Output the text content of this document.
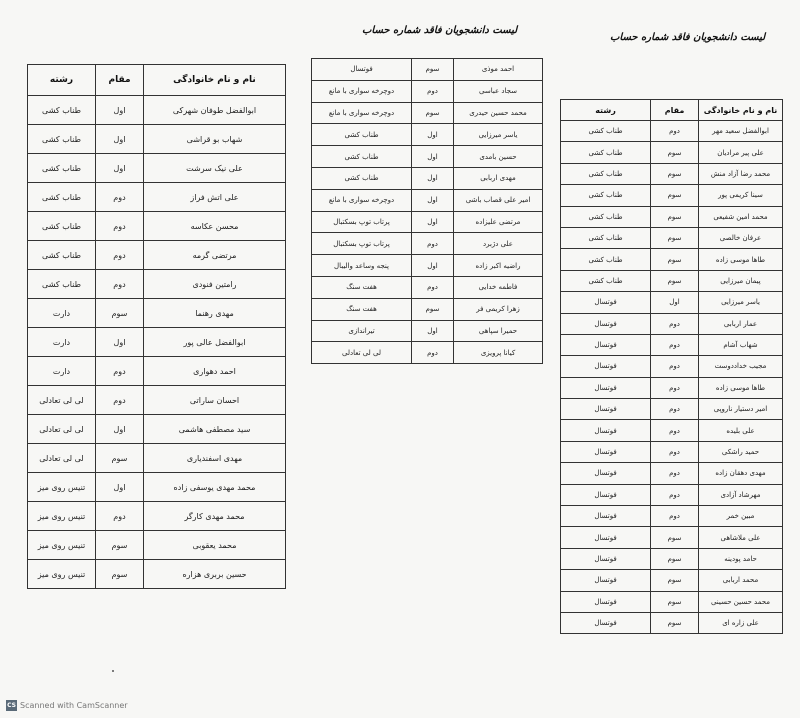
لیست دانشجویان فاقد شماره حساب
لیست دانشجویان فاقد شماره حساب
نام و نام خانوادگی	مقام	رشته
ابوالفضل طوفان شهرکی	اول	طناب کشی
شهاب بو قراشی	اول	طناب کشی
علی نیک سرشت	اول	طناب کشی
علی اتش فراز	دوم	طناب کشی
محسن عکاسه	دوم	طناب کشی
مرتضی گرمه	دوم	طناب کشی
رامتین فنودی	دوم	طناب کشی
مهدی رهنما	سوم	دارت
ابوالفضل عالی پور	اول	دارت
احمد دهواری	دوم	دارت
احسان ساراتی	دوم	لی لی تعادلی
سید مصطفی هاشمی	اول	لی لی تعادلی
مهدی اسفندیاری	سوم	لی لی تعادلی
محمد مهدی یوسفی زاده	اول	تنیس روی میز
محمد مهدی کارگر	دوم	تنیس روی میز
محمد یعقوبی	سوم	تنیس روی میز
حسین بربری هزاره	سوم	تنیس روی میز
احمد موذی	سوم	فوتسال
سجاد عباسی	دوم	دوچرخه سواری با مانع
محمد حسین حیدری	سوم	دوچرخه سواری با مانع
یاسر میرزایی	اول	طناب کشی
حسین بامدی	اول	طناب کشی
مهدی اربابی	اول	طناب کشی
امیر علی قصاب باشی	اول	دوچرخه سواری با مانع
مرتضی علیزاده	اول	پرتاب توپ بسکتبال
علی دژبرد	دوم	پرتاب توپ بسکتبال
راضیه اکبر زاده	اول	پنجه وساعد والیبال
فاطمه خدایی	دوم	هفت سنگ
زهرا کریمی فر	سوم	هفت سنگ
حمیرا سپاهی	اول	تیراندازی
کیانا پرویزی	دوم	لی لی تعادلی
نام و نام خانوادگی	مقام	رشته
ابوالفضل سعید مهر	دوم	طناب کشی
علی پیر مرادیان	سوم	طناب کشی
محمد رضا آزاد منش	سوم	طناب کشی
سینا کریمی پور	سوم	طناب کشی
محمد امین شفیعی	سوم	طناب کشی
عرفان خالصی	سوم	طناب کشی
طاها موسی زاده	سوم	طناب کشی
پیمان میرزایی	سوم	طناب کشی
یاسر میرزایی	اول	فوتسال
عمار اربابی	دوم	فوتسال
شهاب آشام	دوم	فوتسال
مجیب خداددوست	دوم	فوتسال
طاها موسی زاده	دوم	فوتسال
امیر دستیار ناروپی	دوم	فوتسال
علی بلیده	دوم	فوتسال
حمید راشکی	دوم	فوتسال
مهدی دهقان زاده	دوم	فوتسال
مهرشاد آزادی	دوم	فوتسال
مبین خمر	دوم	فوتسال
علی ملاشاهی	سوم	فوتسال
حامد پودینه	سوم	فوتسال
محمد اربابی	سوم	فوتسال
محمد حسین حسینی	سوم	فوتسال
علی زاره ای	سوم	فوتسال
CS Scanned with CamScanner
